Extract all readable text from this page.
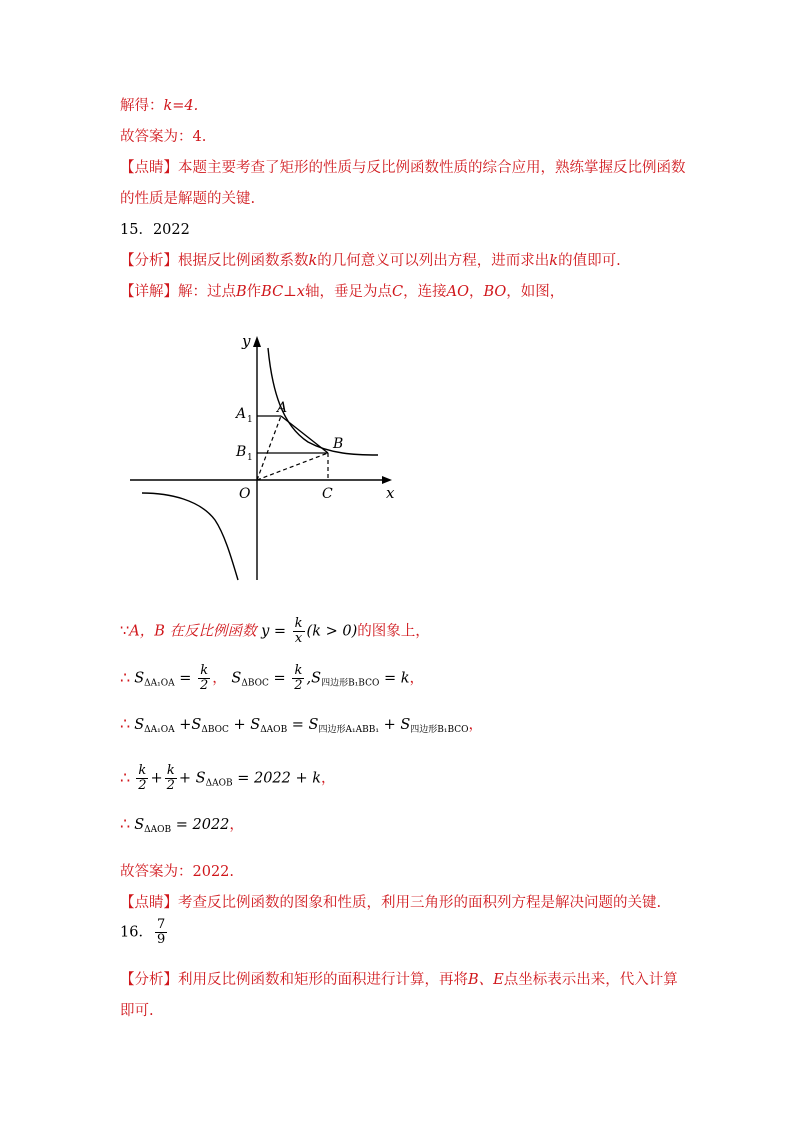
解得：k=4.
故答案为：4.
【点睛】本题主要考查了矩形的性质与反比例函数性质的综合应用，熟练掌握反比例函数
的性质是解题的关键.
15．2022
【分析】根据反比例函数系数k的几何意义可以列出方程，进而求出k的值即可.
【详解】解：过点B作BC⊥x轴，垂足为点C，连接AO，BO，如图，
y
x
A 1
A
B 1
B
O	C
∵A，B 在反比例函数 $y = \frac{k}{x} (k > 0)$的图象上，
∴ $S_{\Delta A_1OA} = \frac{k}{2}$ ， $S_{\Delta BOC} = \frac{k}{2} ,S_{四边形B_1BCO} = k$，
∴ $S_{\Delta A_1OA} +S_{\Delta BOC} + S_{\Delta AOB} = S_{四边形A_1ABB_1} + S_{四边形B_1BCO}$，
∴ $\frac{k}{2} + \frac{k}{2} + S_{\Delta AOB} = 2022 + k$，
∴ $S_{\Delta AOB} = 2022$，
故答案为：2022.
【点睛】考查反比例函数的图象和性质，利用三角形的面积列方程是解决问题的关键.
16． $\frac{7}{9}$
【分析】利用反比例函数和矩形的面积进行计算，再将B、E点坐标表示出来，代入计算
即可.
